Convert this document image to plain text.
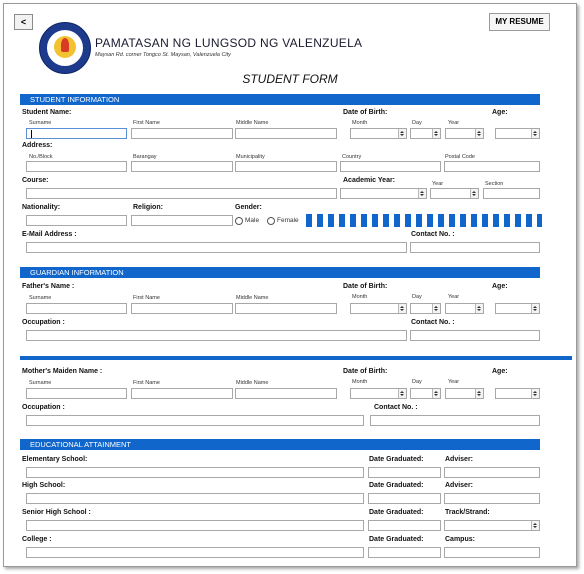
<	MY RESUME
2002
PAMATASAN NG LUNGSOD NG VALENZUELA
Maysan Rd. corner Tongco St. Maysan, Valenzuela City
STUDENT FORM
STUDENT INFORMATION
Student Name:
Surname	First Name	Middle Name
Date of Birth:
Month	Day	Year
Age:
Address:
No./Block	Barangay	Municipality	Country	Postal Code
Course:	Academic Year:	Year	Section
Nationality:	Religion:	Gender:
Male	Female
E-Mail Address :	Contact No. :
GUARDIAN INFORMATION
Father's Name :
Surname	First Name	Middle Name
Date of Birth:
Month	Day	Year
Age:
Occupation :	Contact No. :
Mother's Maiden Name :
Surname	First Name	Middle Name
Date of Birth:
Month	Day	Year
Age:
Occupation :	Contact No. :
EDUCATIONAL ATTAINMENT
Elementary School:	Date Graduated:	Adviser:
High School:	Date Graduated:	Adviser:
Senior High School :	Date Graduated:	Track/Strand:
College :	Date Graduated:	Campus:
